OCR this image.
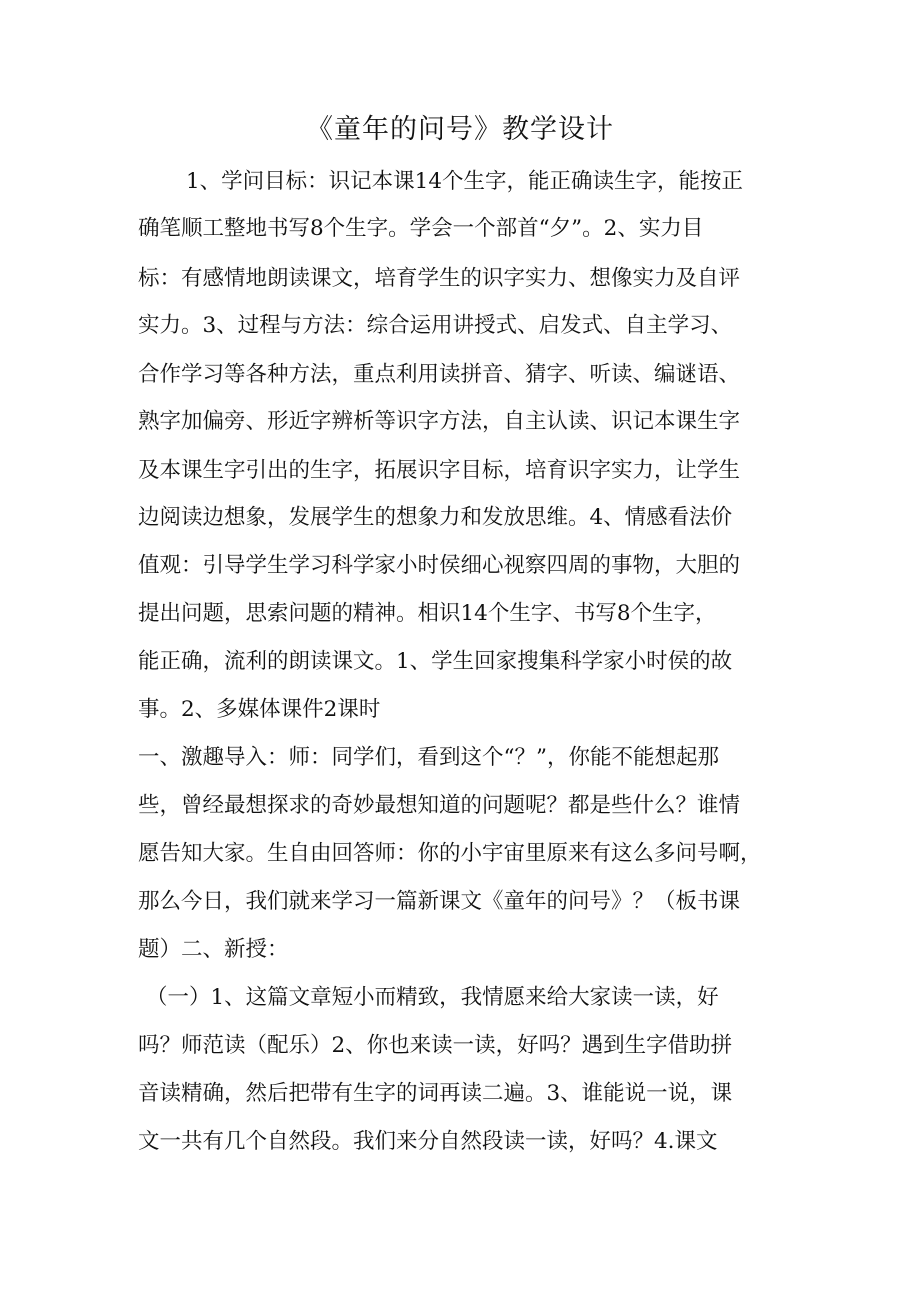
《童年的问号》教学设计
1、学问目标：识记本课14个生字，能正确读生字，能按正
确笔顺工整地书写8个生字。学会一个部首“夕”。2、实力目
标：有感情地朗读课文，培育学生的识字实力、想像实力及自评
实力。3、过程与方法：综合运用讲授式、启发式、自主学习、
合作学习等各种方法，重点利用读拼音、猜字、听读、编谜语、
熟字加偏旁、形近字辨析等识字方法，自主认读、识记本课生字
及本课生字引出的生字，拓展识字目标，培育识字实力，让学生
边阅读边想象，发展学生的想象力和发放思维。4、情感看法价
值观：引导学生学习科学家小时侯细心视察四周的事物，大胆的
提出问题，思索问题的精神。相识14个生字、书写8个生字，
能正确，流利的朗读课文。1、学生回家搜集科学家小时侯的故
事。2、多媒体课件2课时
一、激趣导入：师：同学们，看到这个“？”，你能不能想起那
些，曾经最想探求的奇妙最想知道的问题呢？都是些什么？谁情
愿告知大家。生自由回答师：你的小宇宙里原来有这么多问号啊，
那么今日，我们就来学习一篇新课文《童年的问号》？（板书课
题）二、新授：
（一）1、这篇文章短小而精致，我情愿来给大家读一读，好
吗？师范读（配乐）2、你也来读一读，好吗？遇到生字借助拼
音读精确，然后把带有生字的词再读二遍。3、谁能说一说，课
文一共有几个自然段。我们来分自然段读一读，好吗？4.课文
